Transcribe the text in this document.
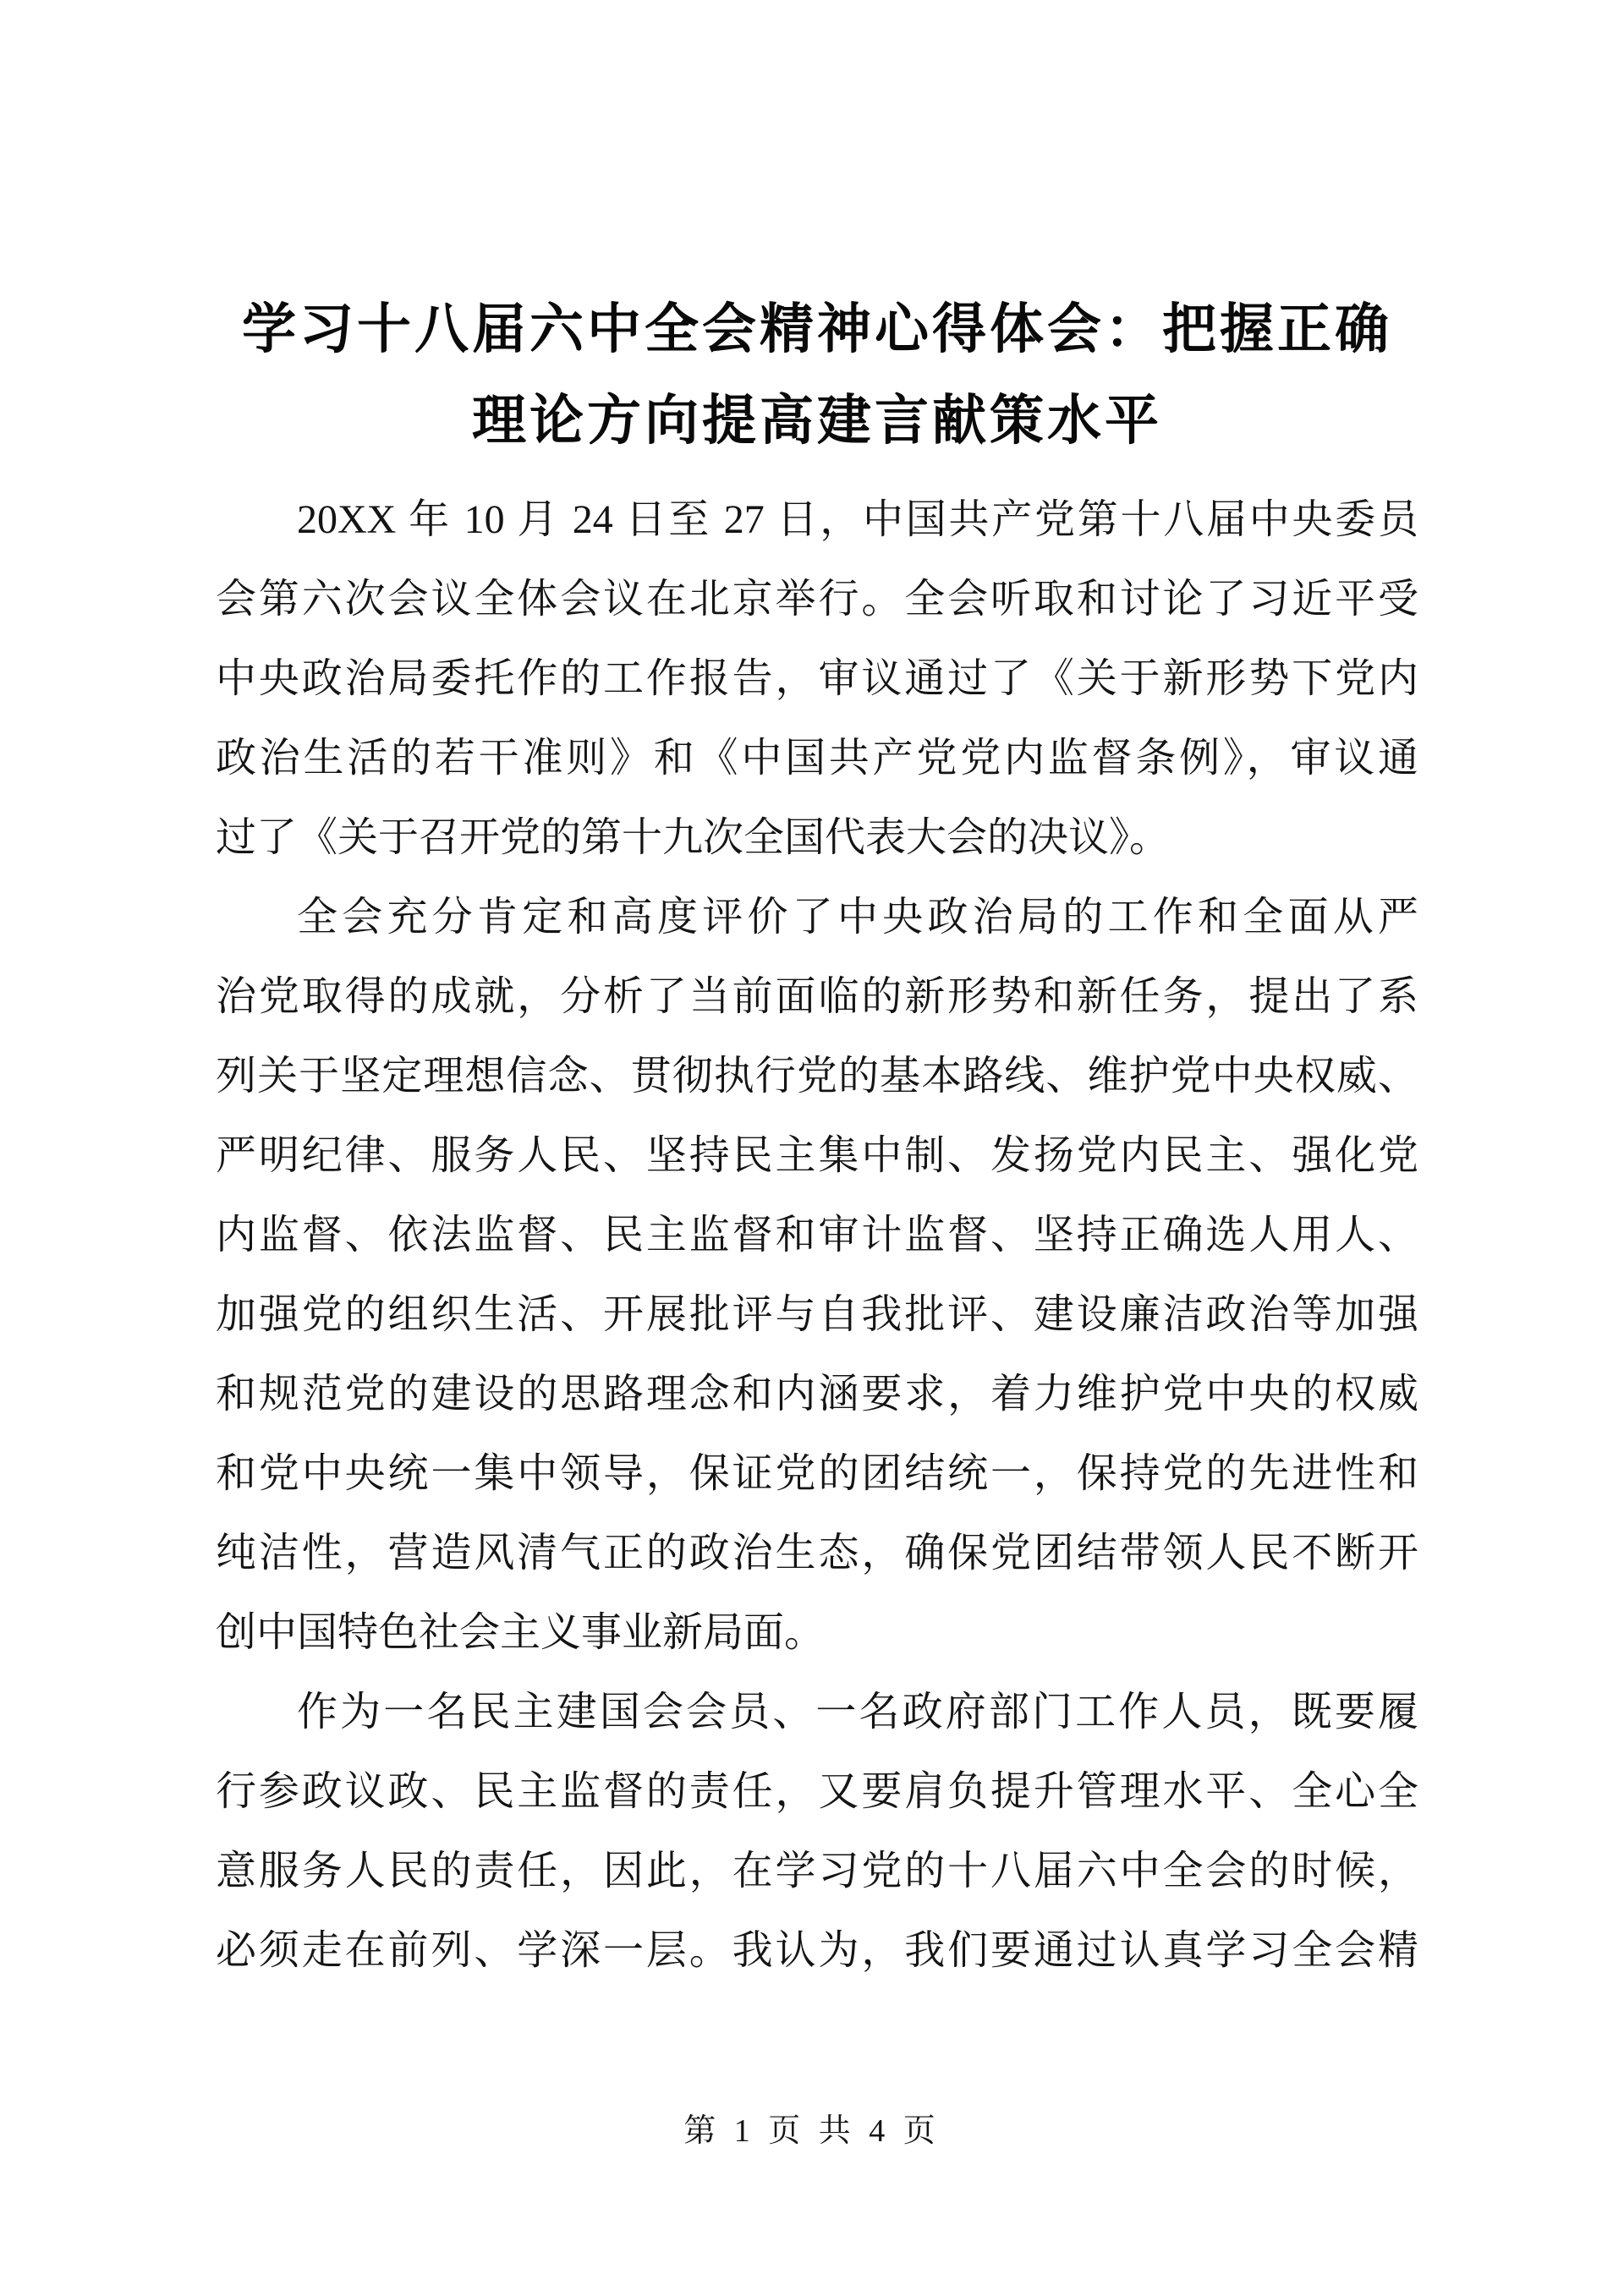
学习十八届六中全会精神心得体会：把握正确
理论方向提高建言献策水平
20XX 年 10 月 24 日至 27 日，中国共产党第十八届中央委员
会第六次会议全体会议在北京举行。全会听取和讨论了习近平受
中央政治局委托作的工作报告，审议通过了《关于新形势下党内
政治生活的若干准则》和《中国共产党党内监督条例》，审议通
过了《关于召开党的第十九次全国代表大会的决议》。
全会充分肯定和高度评价了中央政治局的工作和全面从严
治党取得的成就，分析了当前面临的新形势和新任务，提出了系
列关于坚定理想信念、贯彻执行党的基本路线、维护党中央权威、
严明纪律、服务人民、坚持民主集中制、发扬党内民主、强化党
内监督、依法监督、民主监督和审计监督、坚持正确选人用人、
加强党的组织生活、开展批评与自我批评、建设廉洁政治等加强
和规范党的建设的思路理念和内涵要求，着力维护党中央的权威
和党中央统一集中领导，保证党的团结统一，保持党的先进性和
纯洁性，营造风清气正的政治生态，确保党团结带领人民不断开
创中国特色社会主义事业新局面。
作为一名民主建国会会员、一名政府部门工作人员，既要履
行参政议政、民主监督的责任，又要肩负提升管理水平、全心全
意服务人民的责任，因此，在学习党的十八届六中全会的时候，
必须走在前列、学深一层。我认为，我们要通过认真学习全会精
第 1 页 共 4 页
